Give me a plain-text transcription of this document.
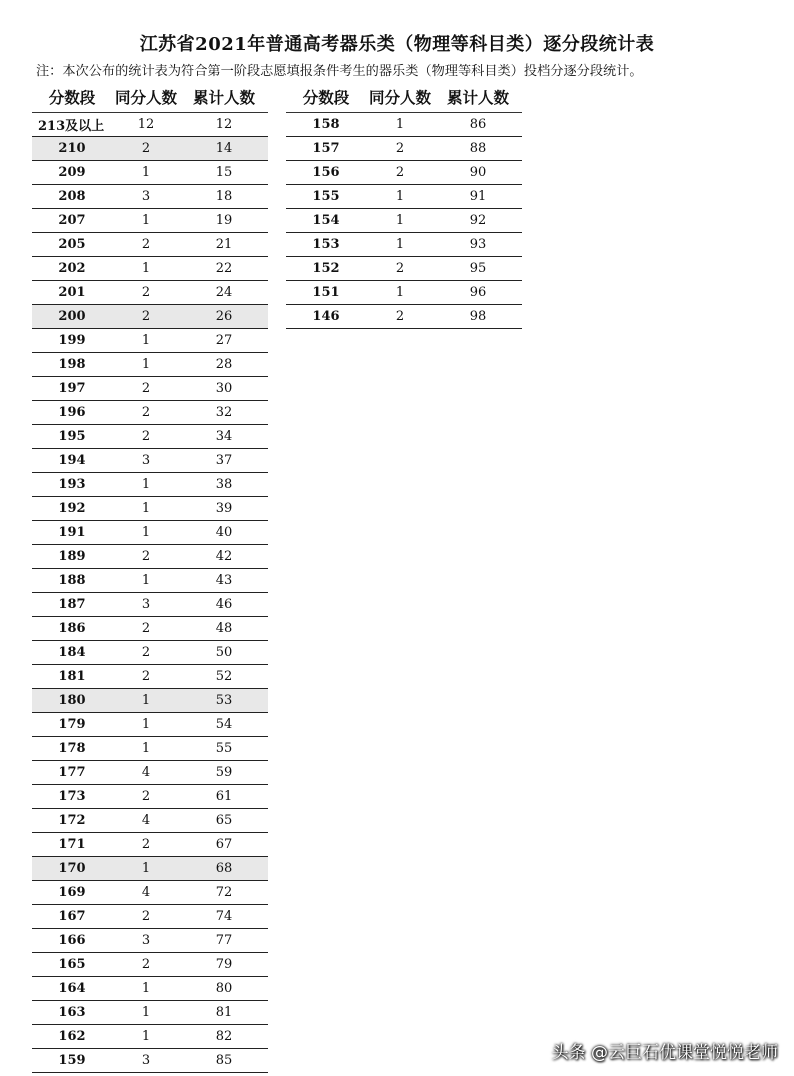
江苏省2021年普通高考器乐类（物理等科目类）逐分段统计表
注：本次公布的统计表为符合第一阶段志愿填报条件考生的器乐类（物理等科目类）投档分逐分段统计。
分数段	同分人数	累计人数
213及以上	12	12
210	2	14
209	1	15
208	3	18
207	1	19
205	2	21
202	1	22
201	2	24
200	2	26
199	1	27
198	1	28
197	2	30
196	2	32
195	2	34
194	3	37
193	1	38
192	1	39
191	1	40
189	2	42
188	1	43
187	3	46
186	2	48
184	2	50
181	2	52
180	1	53
179	1	54
178	1	55
177	4	59
173	2	61
172	4	65
171	2	67
170	1	68
169	4	72
167	2	74
166	3	77
165	2	79
164	1	80
163	1	81
162	1	82
159	3	85
分数段	同分人数	累计人数
158	1	86
157	2	88
156	2	90
155	1	91
154	1	92
153	1	93
152	2	95
151	1	96
146	2	98
头条 @云巨石优课堂悦悦老师
